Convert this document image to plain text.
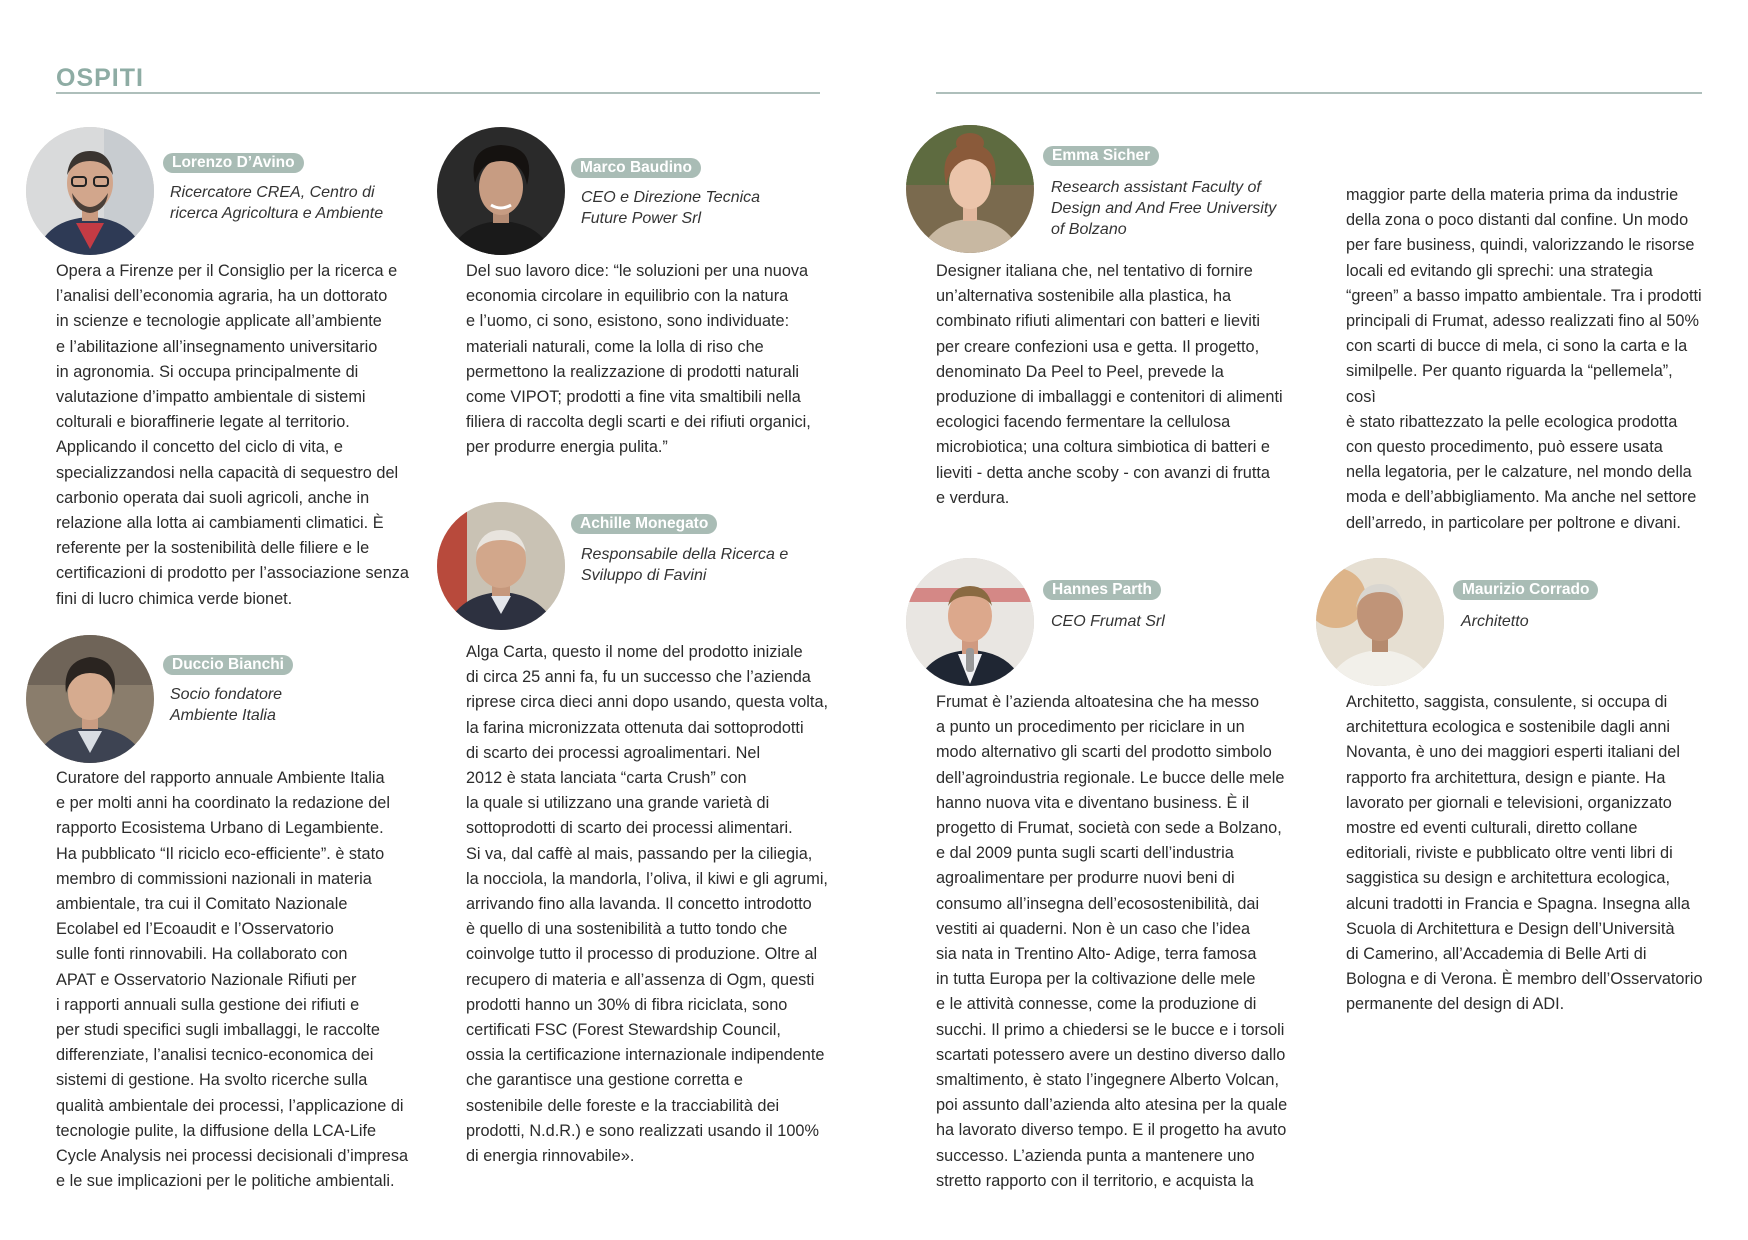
OSPITI
Lorenzo D’Avino

Ricercatore CREA, Centro di
ricerca Agricoltura e Ambiente

Opera a Firenze per il Consiglio per la ricerca e
l’analisi dell’economia agraria, ha un dottorato
in scienze e tecnologie applicate all’ambiente
e l’abilitazione all’insegnamento universitario
in agronomia. Si occupa principalmente di
valutazione d’impatto ambientale di sistemi
colturali e bioraffinerie legate al territorio.
Applicando il concetto del ciclo di vita, e
specializzandosi nella capacità di sequestro del
carbonio operata dai suoli agricoli, anche in
relazione alla lotta ai cambiamenti climatici. È
referente per la sostenibilità delle filiere e le
certificazioni di prodotto per l’associazione senza
fini di lucro chimica verde bionet.

Duccio Bianchi

Socio fondatore
Ambiente Italia

Curatore del rapporto annuale Ambiente Italia
e per molti anni ha coordinato la redazione del
rapporto Ecosistema Urbano di Legambiente.
Ha pubblicato “Il riciclo eco-efficiente”. è stato
membro di commissioni nazionali in materia
ambientale, tra cui il Comitato Nazionale
Ecolabel ed l’Ecoaudit e l’Osservatorio
sulle fonti rinnovabili. Ha collaborato con
APAT e Osservatorio Nazionale Rifiuti per
i rapporti annuali sulla gestione dei rifiuti e
per studi specifici sugli imballaggi, le raccolte
differenziate, l’analisi tecnico-economica dei
sistemi di gestione. Ha svolto ricerche sulla
qualità ambientale dei processi, l’applicazione di
tecnologie pulite, la diffusione della LCA-Life
Cycle Analysis nei processi decisionali d’impresa
e le sue implicazioni per le politiche ambientali.

Marco Baudino

CEO e Direzione Tecnica
Future Power Srl

Del suo lavoro dice: “le soluzioni per una nuova
economia circolare in equilibrio con la natura
e l’uomo, ci sono, esistono, sono individuate:
materiali naturali, come la lolla di riso che
permettono la realizzazione di prodotti naturali
come VIPOT; prodotti a fine vita smaltibili nella
filiera di raccolta degli scarti e dei rifiuti organici,
per produrre energia pulita.”

Achille Monegato

Responsabile della Ricerca e
Sviluppo di Favini

Alga Carta, questo il nome del prodotto iniziale
di circa 25 anni fa, fu un successo che l’azienda
riprese circa dieci anni dopo usando, questa volta,
la farina micronizzata ottenuta dai sottoprodotti
di scarto dei processi agroalimentari. Nel
2012 è stata lanciata “carta Crush” con
la quale si utilizzano una grande varietà di
sottoprodotti di scarto dei processi alimentari.
Si va, dal caffè al mais, passando per la ciliegia,
la nocciola, la mandorla, l’oliva, il kiwi e gli agrumi,
arrivando fino alla lavanda. Il concetto introdotto
è quello di una sostenibilità a tutto tondo che
coinvolge tutto il processo di produzione. Oltre al
recupero di materia e all’assenza di Ogm, questi
prodotti hanno un 30% di fibra riciclata, sono
certificati FSC (Forest Stewardship Council,
ossia la certificazione internazionale indipendente
che garantisce una gestione corretta e
sostenibile delle foreste e la tracciabilità dei
prodotti, N.d.R.) e sono realizzati usando il 100%
di energia rinnovabile».

Emma Sicher

Research assistant Faculty of
Design and And Free University
of Bolzano

Designer italiana che, nel tentativo di fornire
un’alternativa sostenibile alla plastica, ha
combinato rifiuti alimentari con batteri e lieviti
per creare confezioni usa e getta. Il progetto,
denominato Da Peel to Peel, prevede la
produzione di imballaggi e contenitori di alimenti
ecologici facendo fermentare la cellulosa
microbiotica; una coltura simbiotica di batteri e
lieviti - detta anche scoby - con avanzi di frutta
e verdura.

maggior parte della materia prima da industrie
della zona o poco distanti dal confine. Un modo
per fare business, quindi, valorizzando le risorse
locali ed evitando gli sprechi: una strategia
“green” a basso impatto ambientale. Tra i prodotti
principali di Frumat, adesso realizzati fino al 50%
con scarti di bucce di mela, ci sono la carta e la
similpelle. Per quanto riguarda la “pellemela”, così
è stato ribattezzato la pelle ecologica prodotta
con questo procedimento, può essere usata
nella legatoria, per le calzature, nel mondo della
moda e dell’abbigliamento. Ma anche nel settore
dell’arredo, in particolare per poltrone e divani.

Hannes Parth

CEO Frumat Srl

Frumat è l’azienda altoatesina che ha messo
a punto un procedimento per riciclare in un
modo alternativo gli scarti del prodotto simbolo
dell’agroindustria regionale. Le bucce delle mele
hanno nuova vita e diventano business. È il
progetto di Frumat, società con sede a Bolzano,
e dal 2009 punta sugli scarti dell’industria
agroalimentare per produrre nuovi beni di
consumo all’insegna dell’ecosostenibilità, dai
vestiti ai quaderni. Non è un caso che l’idea
sia nata in Trentino Alto- Adige, terra famosa
in tutta Europa per la coltivazione delle mele
e le attività connesse, come la produzione di
succhi. Il primo a chiedersi se le bucce e i torsoli
scartati potessero avere un destino diverso dallo
smaltimento, è stato l’ingegnere Alberto Volcan,
poi assunto dall’azienda alto atesina per la quale
ha lavorato diverso tempo. E il progetto ha avuto
successo. L’azienda punta a mantenere uno
stretto rapporto con il territorio, e acquista la

Maurizio Corrado

Architetto

Architetto, saggista, consulente, si occupa di
architettura ecologica e sostenibile dagli anni
Novanta, è uno dei maggiori esperti italiani del
rapporto fra architettura, design e piante. Ha
lavorato per giornali e televisioni, organizzato
mostre ed eventi culturali, diretto collane
editoriali, riviste e pubblicato oltre venti libri di
saggistica su design e architettura ecologica,
alcuni tradotti in Francia e Spagna. Insegna alla
Scuola di Architettura e Design dell’Università
di Camerino, all’Accademia di Belle Arti di
Bologna e di Verona. È membro dell’Osservatorio
permanente del design di ADI.
